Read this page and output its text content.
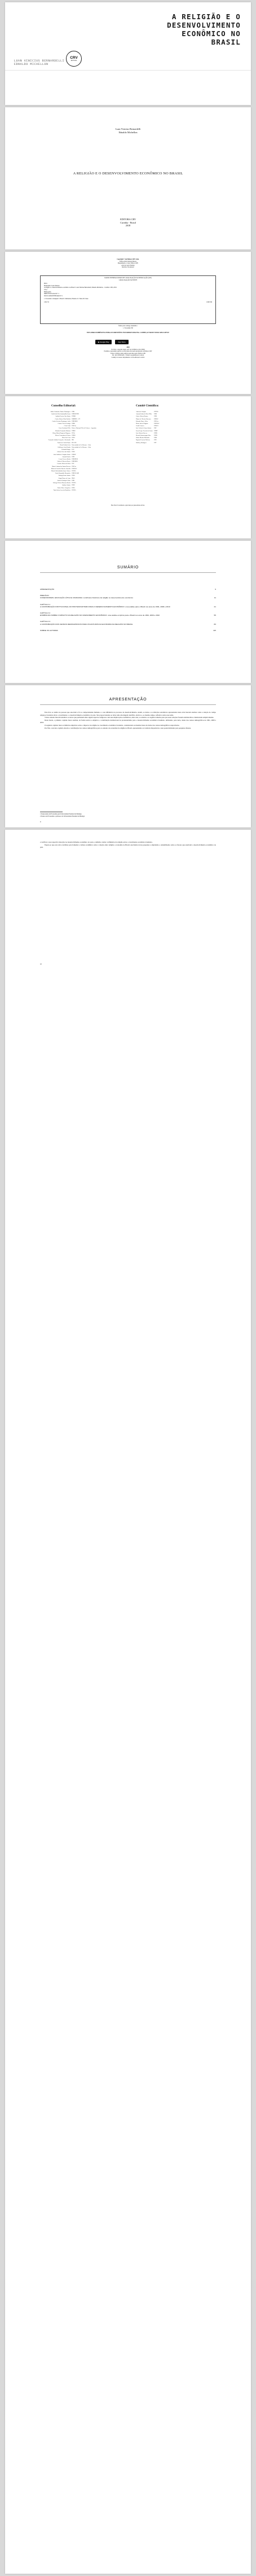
A RELIGIÃO E O
DESENVOLVIMENTO
ECONÔMICO NO
BRASIL
LUAN VINICIUS BERNARDELLI
EDNALDO MICHELLON
CRV
EDITORA
Luan Vinicius Bernardelli
Ednaldo Michellon
A RELIGIÃO E O DESENVOLVIMENTO ECONÔMICO NO BRASIL
EDITORA CRV
Curitiba - Brasil
2018
Copyright © da Editora CRV Ltda.
Editor-chefe: Railson Moura
Diagramação e Capa: Editora CRV
Arte de Capa: Pixabay
Revisão: Os Autores
DADOS INTERNACIONAIS DE CATALOGAÇÃO NA PUBLICAÇÃO (CIP)
CATALOGAÇÃO NA FONTE
B519
Bernardelli, Luan Vinicius
A religião e o desenvolvimento econômico no Brasil / Luan Vinicius Bernardelli, Ednaldo Michellon – Curitiba: CRV, 2018.
116 p.
Bibliografia
ISBN 978-85-444-2217-1
DOI 10.24824/978854442217.1
1. Economia 2. Religião 3. Brasil I. Michellon, Ednaldo. II. Título III. Série
CDU 33	CDD 330
Índice para catálogo sistemático
1. Economia 330
ESTA OBRA TAMBÉM ENCONTRA-SE DISPONÍVEL EM FORMATO DIGITAL. CONHEÇA E BAIXE NOSSO APLICATIVO!
▶ Google Play	App Store
2018
Foi feito o depósito legal conf. Lei 10.994 de 14/12/2004
Proibida a reprodução parcial ou total desta obra sem autorização da Editora CRV
Todos os direitos desta edição reservados pela: Editora CRV
Tel.: (41) 3039-6418 – E-mail: sac@editoracrv.com.br
Conheça os nossos lançamentos: www.editoracrv.com.br
Conselho Editorial:	Comitê Científico:
Aldira Guimarães Duarte Domínguez UNB
Andréia da Silva Quintanilha Sousa UNIR/UFRN
Antônio Pereira Gaio Júnior UFRRJ
Carlos Alberto Vilar Estêvão UMINHO – PT
Carlos Federico Dominguez Avila UNIEURO
Carmen Tereza Velanga UNIR
Celso Conti UFSCar
Cesar Gerónimo Tello Univer. Nacional Três de Febrero – Argentina
Eduardo Fernandes Barbosa UFMG
Elione Maria Nogueira Diogenes UFAL
Elizeu Clementino de Souza UNEB
Élsio José Corá UFFS
Fernando Antônio Gonçalves Alcoforado IPB
Francisco Carlos Duarte PUC-PR
Gloria Fariñas León Universidade de La Havana – Cuba
Guillermo Arias Beatón Universidade de La Havana – Cuba
Helmuth Krüger UCP
Jailson Alves dos Santos UFRJ
João Adalberto Campato Junior UNESP
Josania Portela UFPI
Leonel Severo Rocha UNISINOS
Lídia de Oliveira Xavier UNIEURO
Lourdes Helena da Silva UFV
Maria Cristina dos Santos Bezerra UFSCar
Maria de Lourdes Pinto de Almeida UNOESC
Maria Lília Imbiriba Sousa Colares UFOPA
Paulo Romualdo Hernandes UNIFAL-MG
Rodrigo Pratte-Santos UFES
Sérgio Nunes de Jesus IFRO
Simone Rodrigues Pinto UNB
Solange Helena Ximenes-Rocha UFOPA
Sydione Santos UEPG
Tadeu Oliver Gonçalves UFPA
Tania Suely Azevedo Brasileiro UFOPA
Anderson Catapan	UTFPR
Antonio Isidro da Silva Filho	UNB
Carlos Alberto Ramos	UNB
Dimas de Oliveira Estevam	UNESC
Eduardo Pinto e Silva	UFSCar
Eliane Salete Filippim	UNOESC
Gentil Corazza	UFRGS
José Carlos de Souza Santos	USP
Lucas Lopes Ferreira de Souza UFMT
Luis Alberto Esteves	UFPR
Ricardo Strazzacappa Silva	UFPR
Walter Mendes Machado	UNB
Rogério Ferreira Falleiros	UFU
Waldecy Rodrigues	UFT
Este livro foi avaliado e aprovado por pareceristas ad hoc.
SUMÁRIO
APRESENTAÇÃO	9
PREFÁCIO
CONEXIONISMO, EDUCAÇÃO, ÉTICA E CIDADANIA: contributos históricos da religião no desenvolvimento econômico	11
CAPÍTULO 1
A CONTRIBUIÇÃO INSTITUCIONAL DO PROTESTANTISMO PARA O DESENVOLVIMENTO ECONÔMICO: uma análise para o Brasil nos anos de 1991, 2000 e 2010	21
CAPÍTULO 2
EVIDÊNCIAS SOBRE O IMPACTO DA RELIGIÃO NO CRESCIMENTO ECONÔMICO: uma análise empírica para o Brasil nos anos de 1991, 2000 e 2010	55
CAPÍTULO 3
A CONTRIBUIÇÃO DOS CENSOS DEMOGRÁFICOS PARA OS ESTUDOS DA ECONOMIA DA RELIGIÃO NO BRASIL	83
SOBRE OS AUTORES	115
APRESENTAÇÃO

Este livro se dedica às pessoas que associam a fé ao comportamento humano e a sua influência no processo de desenvolvimento. Assim, os dados e as aferições estatísticas apresentados nesta obra buscam analisar como a relação do campo religioso brasileiro afeta o crescimento e o desenvolvimento econômico do país. São proporcionadas ao leitor uma abordagem científica, técnica e, ao mesmo tempo, reflexiva sobre esse tema.

Vários estudos buscam atualizar os nexos que permeiam entre alguns aspectos religiosos com suas implicações econômicas, entre eles, os estudos e as regiões tomadas para que essas relações fossem estabelecidas e mensuradas empiricamente.

Deste modo, o primeiro capítulo busca analisar, de forma teórica e empírica, a contribuição institucional do protestantismo para o desenvolvimento econômico brasileiro, utilizando, para tanto, dados dos censos demográficos de 1991, 2000 e 2010.

O segundo capítulo busca evidências empíricas sobre o impacto da religião no crescimento econômico brasileiro, considerando as mesmas bases de dados dos censos demográficos supracitados.

Por fim, o terceiro capítulo aborda a contribuição dos censos demográficos para os estudos da economia da religião no Brasil, apresentando as variáveis disponíveis e suas potencialidades para pesquisas futuras.

1 Doutorando em Economia pela Universidade Estadual de Maringá.
2 Doutor em Economia e professor da Universidade Estadual de Maringá.
9
10

e verificar a sua respectiva inserção no desenvolvimento econômico do país e, também, avaliar a influência da religião sobre o crescimento econômico brasileiro.

Espera-se que esta obra contribua para fomentar o debate acadêmico sobre a relação entre religião e economia no Brasil, suscitando novas pesquisas e ampliando o entendimento sobre os fatores que explicam o desenvolvimento econômico do país.
